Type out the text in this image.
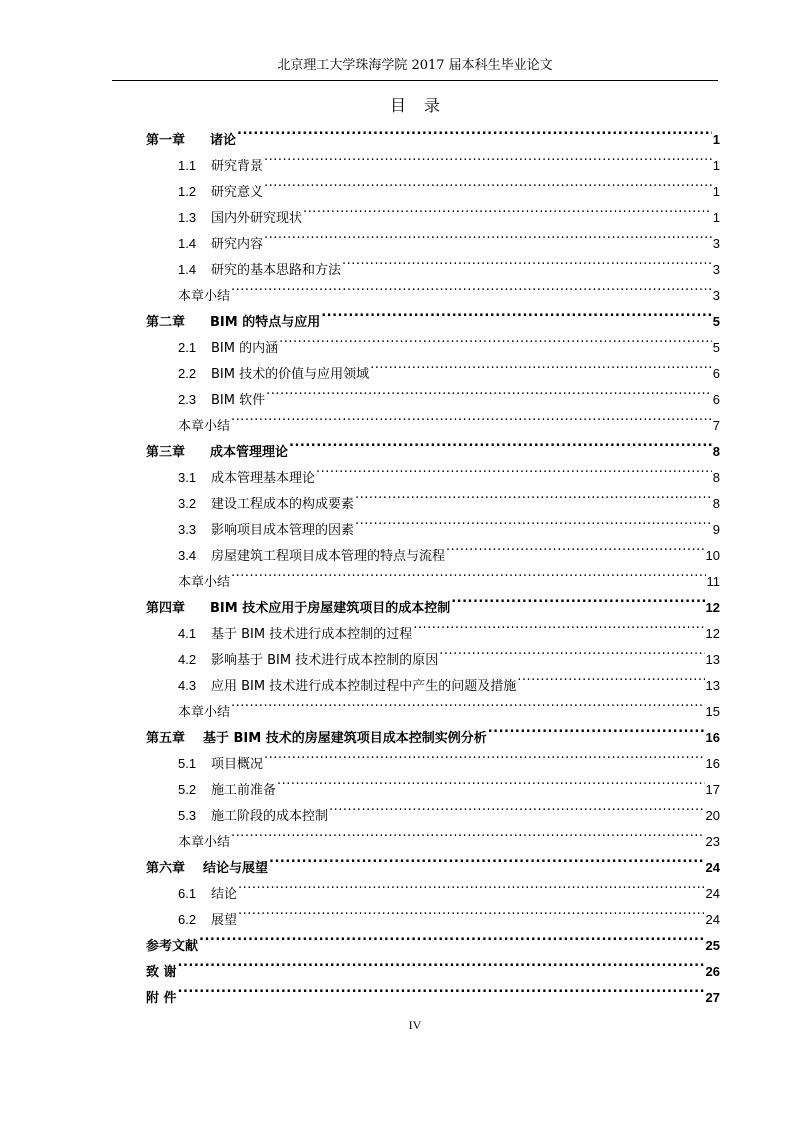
北京理工大学珠海学院 2017 届本科生毕业论文
目录
第一章	诸论 .....	1
1.1	研究背景 .....	1
1.2	研究意义 .....	1
1.3	国内外研究现状 .....	1
1.4	研究内容 .....	3
1.4	研究的基本思路和方法 .....	3
本章小结 .....	3
第二章	BIM 的特点与应用 .....	5
2.1	BIM 的内涵 .....	5
2.2	BIM 技术的价值与应用领域 .....	6
2.3	BIM 软件 .....	6
本章小结 .....	7
第三章	成本管理理论 .....	8
3.1	成本管理基本理论 .....	8
3.2	建设工程成本的构成要素 .....	8
3.3	影响项目成本管理的因素 .....	9
3.4	房屋建筑工程项目成本管理的特点与流程 .....	10
本章小结 .....	11
第四章	BIM 技术应用于房屋建筑项目的成本控制 .....	12
4.1	基于 BIM 技术进行成本控制的过程 .....	12
4.2	影响基于 BIM 技术进行成本控制的原因 .....	13
4.3	应用 BIM 技术进行成本控制过程中产生的问题及措施 .....	13
本章小结 .....	15
第五章	基于 BIM 技术的房屋建筑项目成本控制实例分析 .....	16
5.1	项目概况 .....	16
5.2	施工前准备 .....	17
5.3	施工阶段的成本控制 .....	20
本章小结 .....	23
第六章	结论与展望 .....	24
6.1	结论 .....	24
6.2	展望 .....	24
参考文献 .....	25
致 谢 .....	26
附 件 .....	27
IV
